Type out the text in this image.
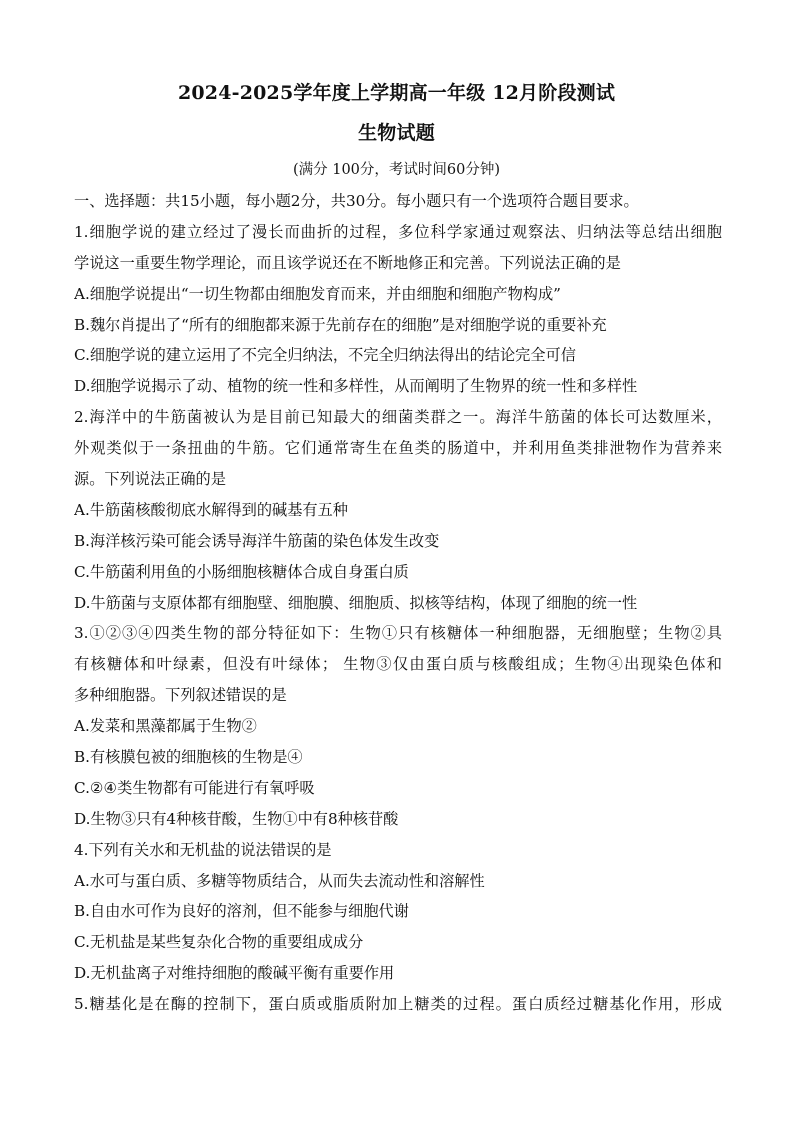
2024-2025学年度上学期高一年级 12月阶段测试
生物试题
(满分 100分，考试时间60分钟)
一、选择题：共15小题，每小题2分，共30分。每小题只有一个选项符合题目要求。
1.细胞学说的建立经过了漫长而曲折的过程，多位科学家通过观察法、归纳法等总结出细胞
学说这一重要生物学理论，而且该学说还在不断地修正和完善。下列说法正确的是
A.细胞学说提出“一切生物都由细胞发育而来，并由细胞和细胞产物构成”
B.魏尔肖提出了“所有的细胞都来源于先前存在的细胞”是对细胞学说的重要补充
C.细胞学说的建立运用了不完全归纳法，不完全归纳法得出的结论完全可信
D.细胞学说揭示了动、植物的统一性和多样性，从而阐明了生物界的统一性和多样性
2.海洋中的牛筋菌被认为是目前已知最大的细菌类群之一。海洋牛筋菌的体长可达数厘米，
外观类似于一条扭曲的牛筋。它们通常寄生在鱼类的肠道中，并利用鱼类排泄物作为营养来
源。下列说法正确的是
A.牛筋菌核酸彻底水解得到的碱基有五种
B.海洋核污染可能会诱导海洋牛筋菌的染色体发生改变
C.牛筋菌利用鱼的小肠细胞核糖体合成自身蛋白质
D.牛筋菌与支原体都有细胞壁、细胞膜、细胞质、拟核等结构，体现了细胞的统一性
3.①②③④四类生物的部分特征如下：生物①只有核糖体一种细胞器，无细胞壁；生物②具
有核糖体和叶绿素，但没有叶绿体； 生物③仅由蛋白质与核酸组成；生物④出现染色体和
多种细胞器。下列叙述错误的是
A.发菜和黑藻都属于生物②
B.有核膜包被的细胞核的生物是④
C.②④类生物都有可能进行有氧呼吸
D.生物③只有4种核苷酸，生物①中有8种核苷酸
4.下列有关水和无机盐的说法错误的是
A.水可与蛋白质、多糖等物质结合，从而失去流动性和溶解性
B.自由水可作为良好的溶剂，但不能参与细胞代谢
C.无机盐是某些复杂化合物的重要组成成分
D.无机盐离子对维持细胞的酸碱平衡有重要作用
5.糖基化是在酶的控制下，蛋白质或脂质附加上糖类的过程。蛋白质经过糖基化作用，形成
